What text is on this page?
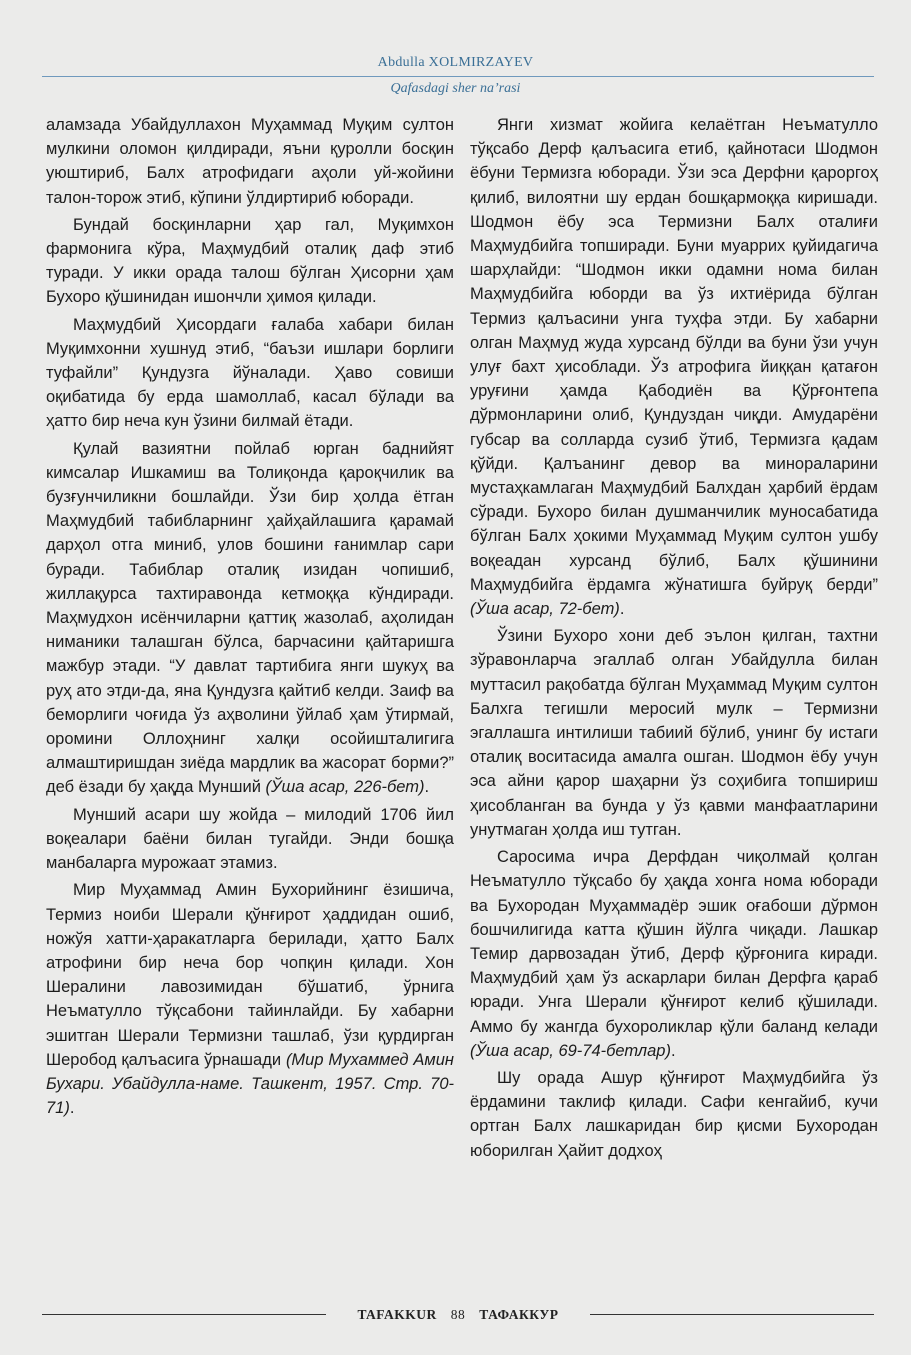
Abdulla XOLMIRZAYEV
Qafasdagi sher na’rasi

аламзада Убайдуллахон Муҳаммад Муқим султон мулкини оломон қилдиради, яъни қуролли босқин уюштириб, Балх атрофидаги аҳоли уй-жойини талон-торож этиб, кўпини ўлдиртириб юборади.

Бундай босқинларни ҳар гал, Муқимхон фармонига кўра, Маҳмудбий оталиқ даф этиб туради. У икки орада талош бўлган Ҳисорни ҳам Бухоро қўшинидан ишончли ҳимоя қилади.

Маҳмудбий Ҳисордаги ғалаба хабари билан Муқимхонни хушнуд этиб, “баъзи ишлари борлиги туфайли” Қундузга йўналади. Ҳаво совиши оқибатида бу ерда шамоллаб, касал бўлади ва ҳатто бир неча кун ўзини билмай ётади.

Қулай вазиятни пойлаб юрган баднийят кимсалар Ишкамиш ва Толиқонда қароқчилик ва бузғунчиликни бошлайди. Ўзи бир ҳолда ётган Маҳмудбий табибларнинг ҳайҳайлашига қарамай дарҳол отга миниб, улов бошини ғанимлар сари буради. Табиблар оталиқ изидан чопишиб, жиллақурса тахтиравонда кетмоққа кўндиради. Маҳмудхон исёнчиларни қаттиқ жазолаб, аҳолидан ниманики талашган бўлса, барчасини қайтаришга мажбур этади. “У давлат тартибига янги шукуҳ ва руҳ ато этди-да, яна Қундузга қайтиб келди. Заиф ва беморлиги чоғида ўз аҳволини ўйлаб ҳам ўтирмай, оромини Оллоҳнинг халқи осойишталигига алмаштиришдан зиёда мардлик ва жасорат борми?” деб ёзади бу ҳақда Мунший (Ўша асар, 226-бет).

Мунший асари шу жойда – милодий 1706 йил воқеалари баёни билан тугайди. Энди бошқа манбаларга мурожаат этамиз.

Мир Муҳаммад Амин Бухорийнинг ёзишича, Термиз ноиби Шерали қўнғирот ҳаддидан ошиб, ножўя хатти-ҳаракатларга берилади, ҳатто Балх атрофини бир неча бор чопқин қилади. Хон Шералини лавозимидан бўшатиб, ўрнига Неъматулло тўқсабони тайинлайди. Бу хабарни эшитган Шерали Термизни ташлаб, ўзи қурдирган Шеробод қалъасига ўрнашади (Мир Мухаммед Амин Бухари. Убайдулла-наме. Ташкент, 1957. Стр. 70-71).

Янги хизмат жойига келаётган Неъматулло тўқсабо Дерф қалъасига етиб, қайнотаси Шодмон ёбуни Термизга юборади. Ўзи эса Дерфни қароргоҳ қилиб, вилоятни шу ердан бошқармоққа киришади. Шодмон ёбу эса Термизни Балх оталиғи Маҳмудбийга топширади. Буни муаррих қуйидагича шарҳлайди: “Шодмон икки одамни нома билан Маҳмудбийга юборди ва ўз ихтиёрида бўлган Термиз қалъасини унга туҳфа этди. Бу хабарни олган Маҳмуд жуда хурсанд бўлди ва буни ўзи учун улуғ бахт ҳисоблади. Ўз атрофига йиққан қатағон уруғини ҳамда Қабодиён ва Қўрғонтепа дўрмонларини олиб, Қундуздан чиқди. Амударёни губсар ва солларда сузиб ўтиб, Термизга қадам қўйди. Қалъанинг девор ва минораларини мустаҳкамлаган Маҳмудбий Балхдан ҳарбий ёрдам сўради. Бухоро билан душманчилик муносабатида бўлган Балх ҳокими Муҳаммад Муқим султон ушбу воқеадан хурсанд бўлиб, Балх қўшинини Маҳмудбийга ёрдамга жўнатишга буйруқ берди” (Ўша асар, 72-бет).

Ўзини Бухоро хони деб эълон қилган, тахтни зўравонларча эгаллаб олган Убайдулла билан муттасил рақобатда бўлган Муҳаммад Муқим султон Балхга тегишли меросий мулк – Термизни эгаллашга интилиши табиий бўлиб, унинг бу истаги оталиқ воситасида амалга ошган. Шодмон ёбу учун эса айни қарор шаҳарни ўз соҳибига топшириш ҳисобланган ва бунда у ўз қавми манфаатларини унутмаган ҳолда иш тутган.

Саросима ичра Дерфдан чиқолмай қолган Неъматулло тўқсабо бу ҳақда хонга нома юборади ва Бухородан Муҳаммадёр эшик оғабоши дўрмон бошчилигида катта қўшин йўлга чиқади. Лашкар Темир дарвозадан ўтиб, Дерф қўрғонига киради. Маҳмудбий ҳам ўз аскарлари билан Дерфга қараб юради. Унга Шерали қўнғирот келиб қўшилади. Аммо бу жангда бухороликлар қўли баланд келади (Ўша асар, 69-74-бетлар).

Шу орада Ашур қўнғирот Маҳмудбийга ўз ёрдамини таклиф қилади. Сафи кенгайиб, кучи ортган Балх лашкаридан бир қисми Бухородан юборилган Ҳайит додхоҳ

TAFAKKUR 88 ТАФАККУР
